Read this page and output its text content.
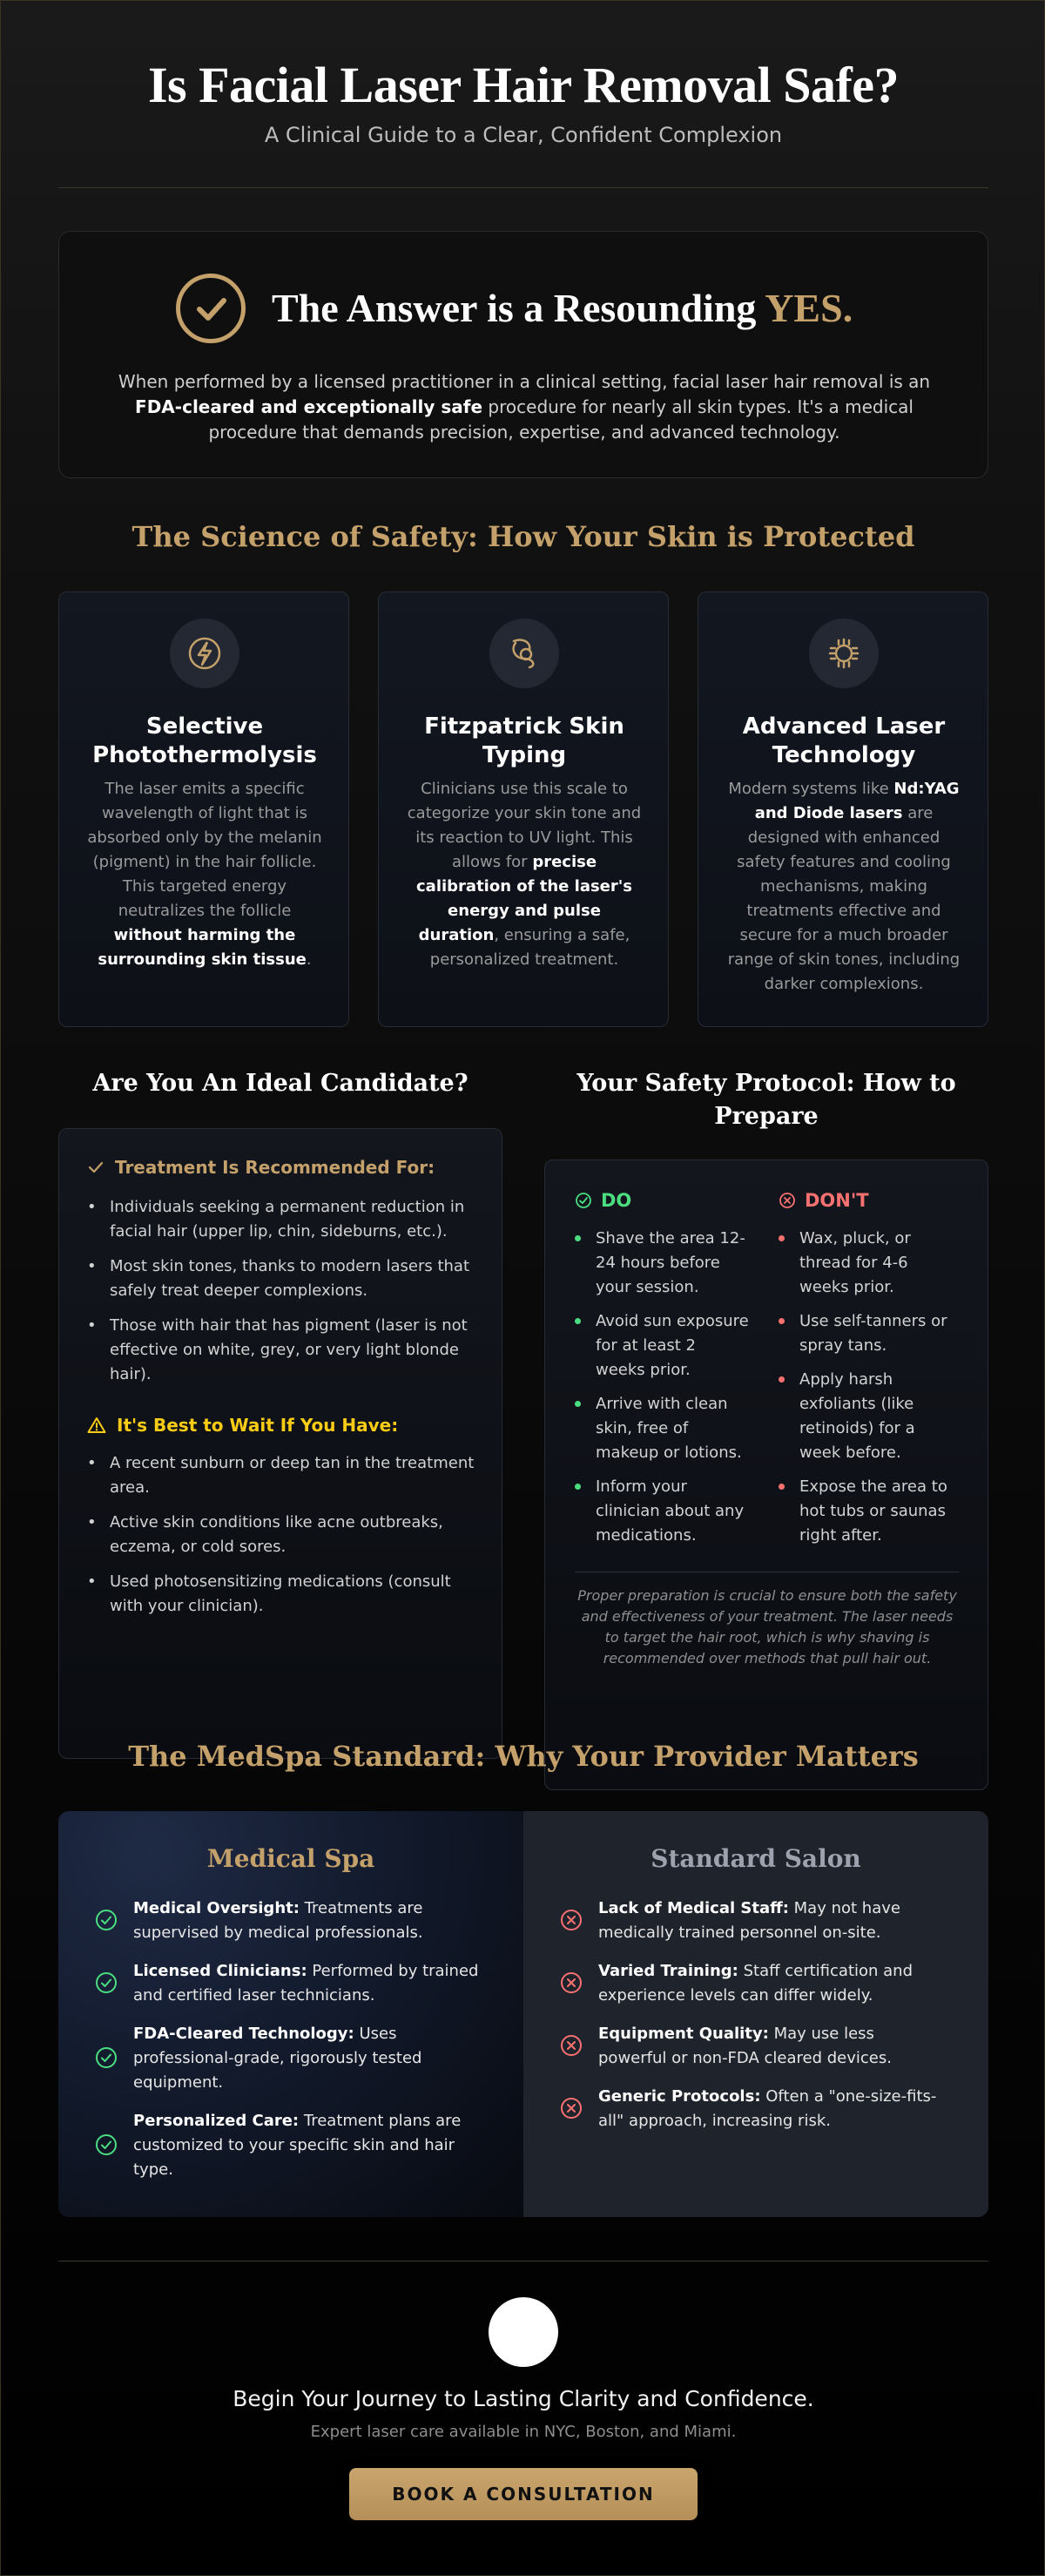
Is Facial Laser Hair Removal Safe?
A Clinical Guide to a Clear, Confident Complexion
The Answer is a Resounding YES.

When performed by a licensed practitioner in a clinical setting, facial laser hair removal is an FDA-cleared and exceptionally safe procedure for nearly all skin types. It's a medical procedure that demands precision, expertise, and advanced technology.

The Science of Safety: How Your Skin is Protected
Selective Photothermolysis

The laser emits a specific wavelength of light that is absorbed only by the melanin (pigment) in the hair follicle. This targeted energy neutralizes the follicle without harming the surrounding skin tissue.

Fitzpatrick Skin Typing

Clinicians use this scale to categorize your skin tone and its reaction to UV light. This allows for precise calibration of the laser's energy and pulse duration, ensuring a safe, personalized treatment.

Advanced Laser Technology

Modern systems like Nd:YAG and Diode lasers are designed with enhanced safety features and cooling mechanisms, making treatments effective and secure for a much broader range of skin tones, including darker complexions.

Are You An Ideal Candidate?
Treatment Is Recommended For:
• Individuals seeking a permanent reduction in facial hair (upper lip, chin, sideburns, etc.).
• Most skin tones, thanks to modern lasers that safely treat deeper complexions.
• Those with hair that has pigment (laser is not effective on white, grey, or very light blonde hair).
It's Best to Wait If You Have:
• A recent sunburn or deep tan in the treatment area.
• Active skin conditions like acne outbreaks, eczema, or cold sores.
• Used photosensitizing medications (consult with your clinician).
Your Safety Protocol: How to Prepare
DO
Shave the area 12-24 hours before your session.
Avoid sun exposure for at least 2 weeks prior.
Arrive with clean skin, free of makeup or lotions.
Inform your clinician about any medications.
DON'T
Wax, pluck, or thread for 4-6 weeks prior.
Use self-tanners or spray tans.
Apply harsh exfoliants (like retinoids) for a week before.
Expose the area to hot tubs or saunas right after.

Proper preparation is crucial to ensure both the safety and effectiveness of your treatment. The laser needs to target the hair root, which is why shaving is recommended over methods that pull hair out.

The MedSpa Standard: Why Your Provider Matters
Medical Spa
Medical Oversight: Treatments are supervised by medical professionals.
Licensed Clinicians: Performed by trained and certified laser technicians.
FDA-Cleared Technology: Uses professional-grade, rigorously tested equipment.
Personalized Care: Treatment plans are customized to your specific skin and hair type.
Standard Salon
Lack of Medical Staff: May not have medically trained personnel on-site.
Varied Training: Staff certification and experience levels can differ widely.
Equipment Quality: May use less powerful or non-FDA cleared devices.
Generic Protocols: Often a "one-size-fits-all" approach, increasing risk.
Begin Your Journey to Lasting Clarity and Confidence.
Expert laser care available in NYC, Boston, and Miami.
BOOK A CONSULTATION
